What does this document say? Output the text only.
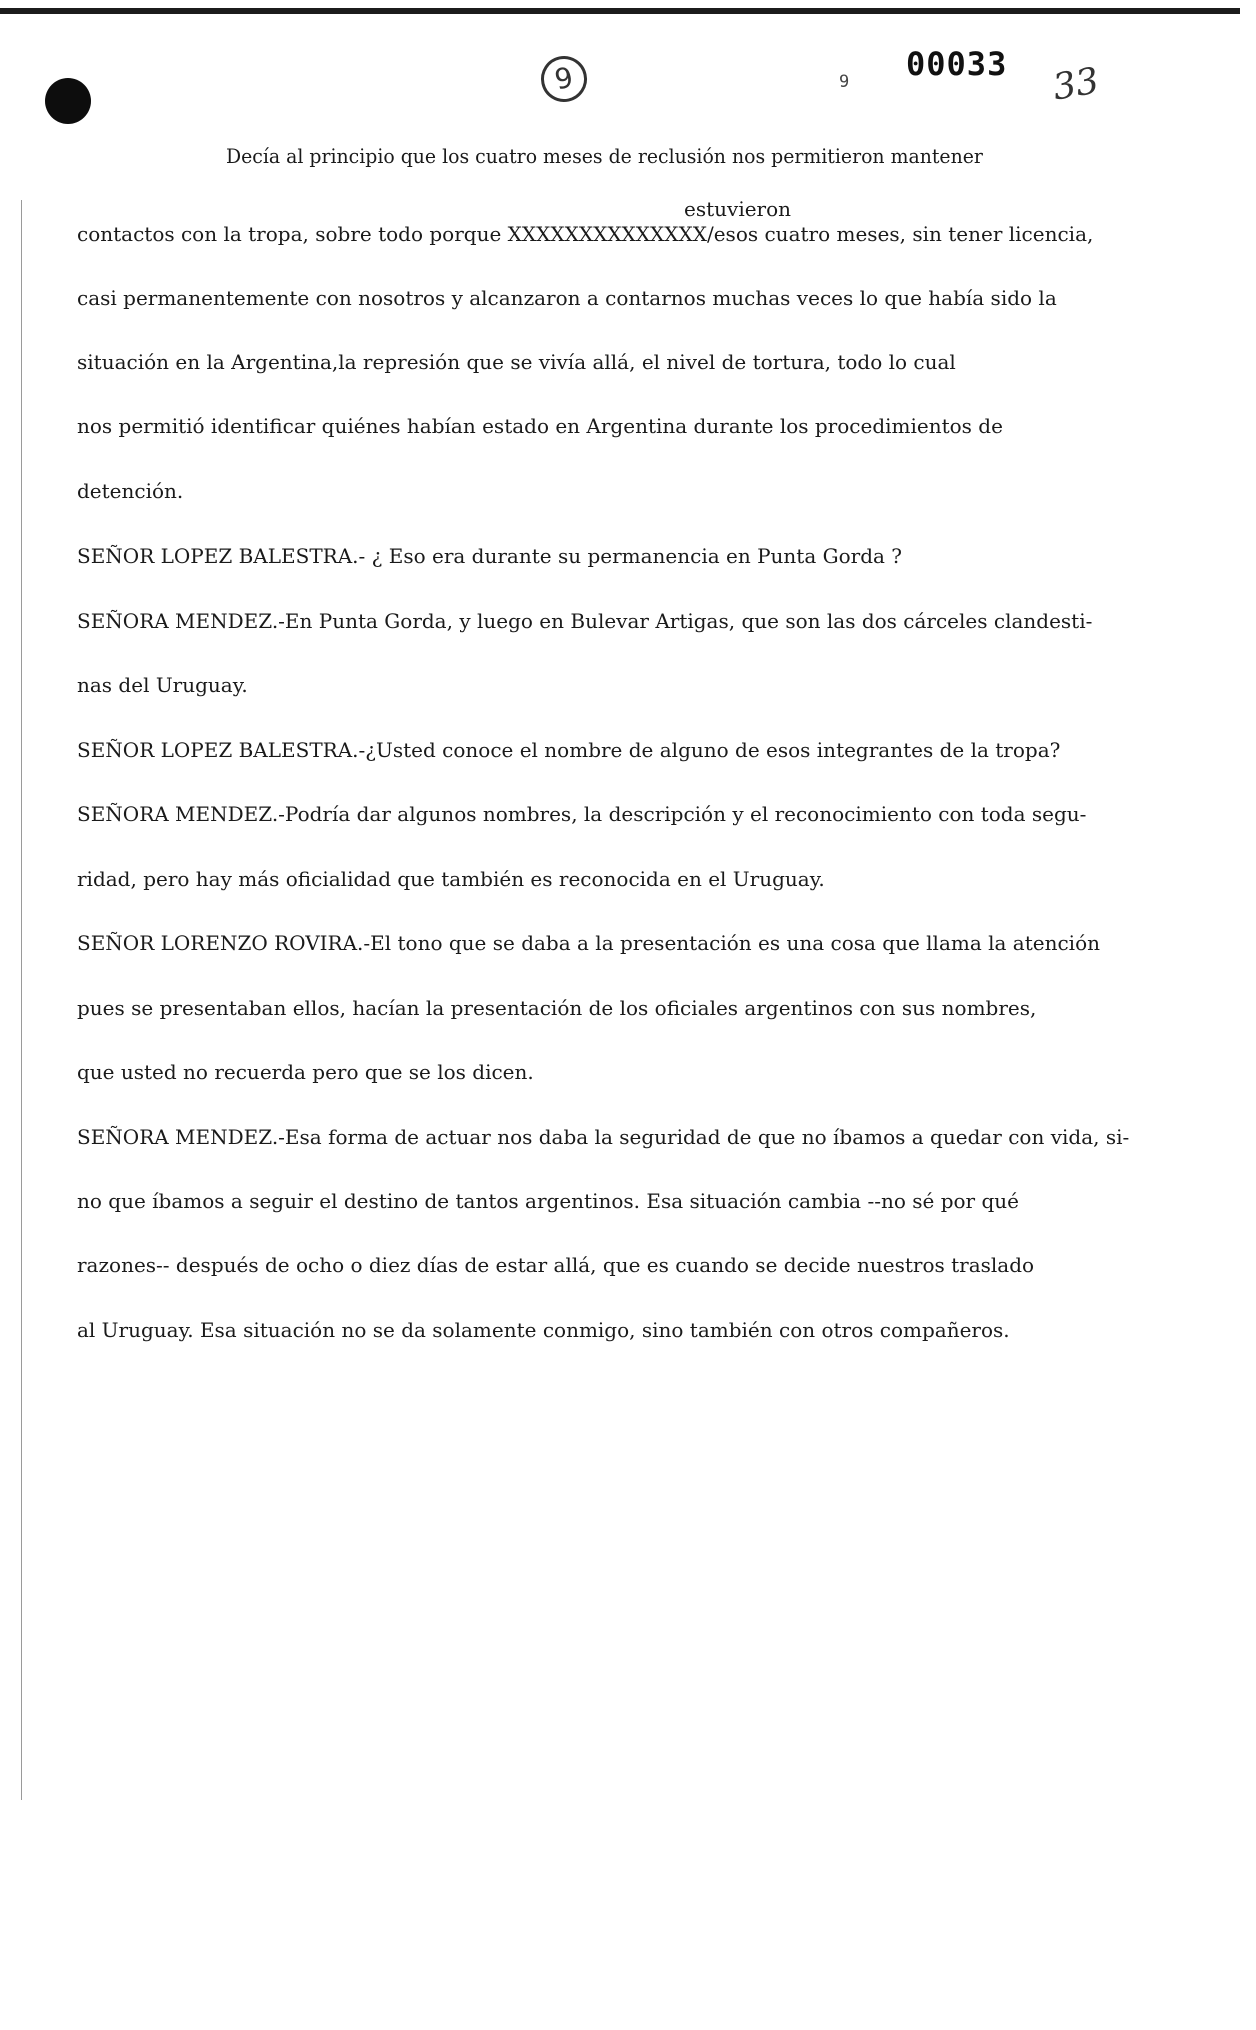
9	9 00033 33
Decía al principio que los cuatro meses de reclusión nos permitieron mantener
estuvieron
contactos con la tropa, sobre todo porque XXXXXXXXXXXXXX/esos cuatro meses, sin tener licencia,
casi permanentemente con nosotros y alcanzaron a contarnos muchas veces lo que había sido la
situación en la Argentina,la represión que se vivía allá, el nivel de tortura, todo lo cual
nos permitió identificar quiénes habían estado en Argentina durante los procedimientos de
detención.
SEÑOR LOPEZ BALESTRA.- ¿ Eso era durante su permanencia en Punta Gorda ?
SEÑORA MENDEZ.-En Punta Gorda, y luego en Bulevar Artigas, que son las dos cárceles clandesti-
nas del Uruguay.
SEÑOR LOPEZ BALESTRA.-¿Usted conoce el nombre de alguno de esos integrantes de la tropa?
SEÑORA MENDEZ.-Podría dar algunos nombres, la descripción y el reconocimiento con toda segu-
ridad, pero hay más oficialidad que también es reconocida en el Uruguay.
SEÑOR LORENZO ROVIRA.-El tono que se daba a la presentación es una cosa que llama la atención
pues se presentaban ellos, hacían la presentación de los oficiales argentinos con sus nombres,
que usted no recuerda pero que se los dicen.
SEÑORA MENDEZ.-Esa forma de actuar nos daba la seguridad de que no íbamos a quedar con vida, si-
no que íbamos a seguir el destino de tantos argentinos. Esa situación cambia --no sé por qué
razones-- después de ocho o diez días de estar allá, que es cuando se decide nuestros traslado
al Uruguay. Esa situación no se da solamente conmigo, sino también con otros compañeros.
